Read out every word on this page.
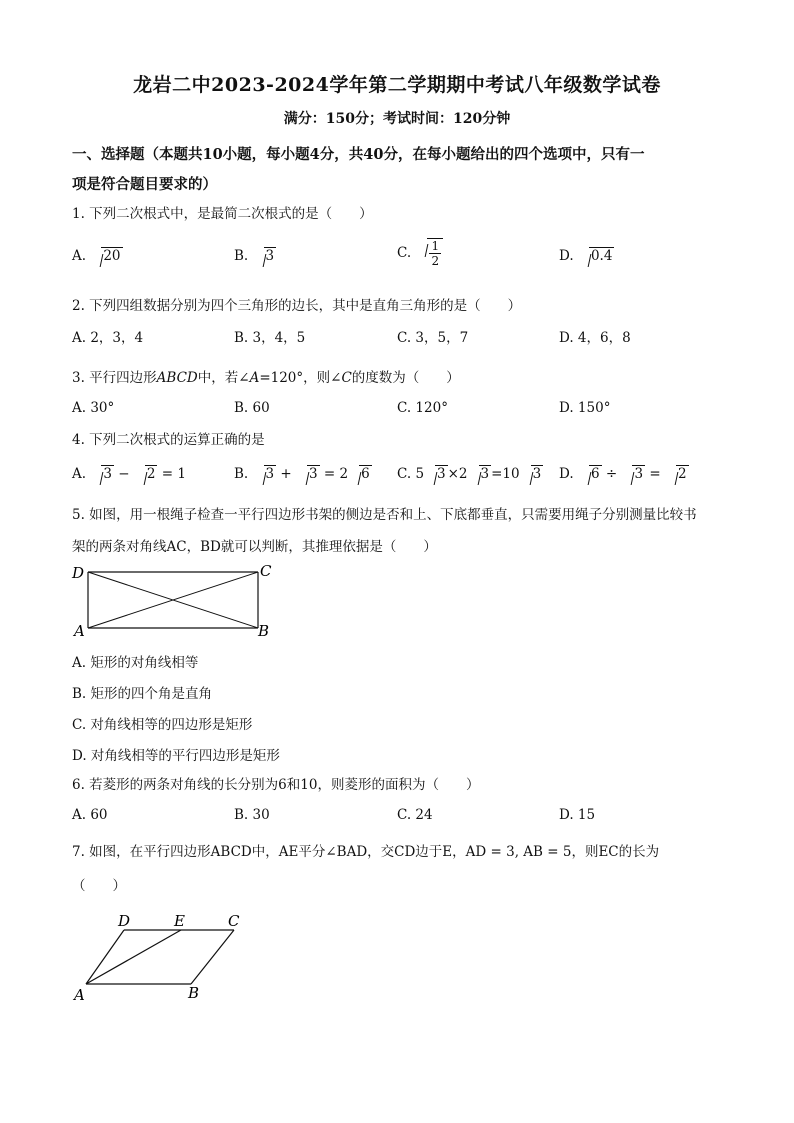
龙岩二中2023-2024学年第二学期期中考试八年级数学试卷
满分：150分；考试时间：120分钟
一、选择题（本题共10小题，每小题4分，共40分，在每小题给出的四个选项中，只有一
项是符合题目要求的）
1. 下列二次根式中，是最简二次根式的是（　　）
A. 20	B. 3	C. $\frac{1}{2}$	D. 0.4
2. 下列四组数据分别为四个三角形的边长，其中是直角三角形的是（　　）
A. 2，3，4	B. 3，4，5	C. 3，5，7	D. 4，6，8
3. 平行四边形ABCD中，若∠A=120°，则∠C的度数为（　　）
A. 30°	B. 60	C. 120°	D. 150°
4. 下列二次根式的运算正确的是
A. 3 − 2 = 1	B. 3 + 3 = 2 6 C. 5 3 ×2 3 =10 3 D. 6 ÷ 3 = 2
5. 如图，用一根绳子检查一平行四边形书架的侧边是否和上、下底都垂直，只需要用绳子分别测量比较书
架的两条对角线AC，BD就可以判断，其推理依据是（　　）
D	C
A	B
A. 矩形的对角线相等
B. 矩形的四个角是直角
C. 对角线相等的四边形是矩形
D. 对角线相等的平行四边形是矩形
6. 若菱形的两条对角线的长分别为6和10，则菱形的面积为（　　）
A. 60	B. 30	C. 24	D. 15
7. 如图，在平行四边形ABCD中，AE平分∠BAD，交CD边于E，AD = 3, AB = 5，则EC的长为
（　　）
D	E	C
A	B
